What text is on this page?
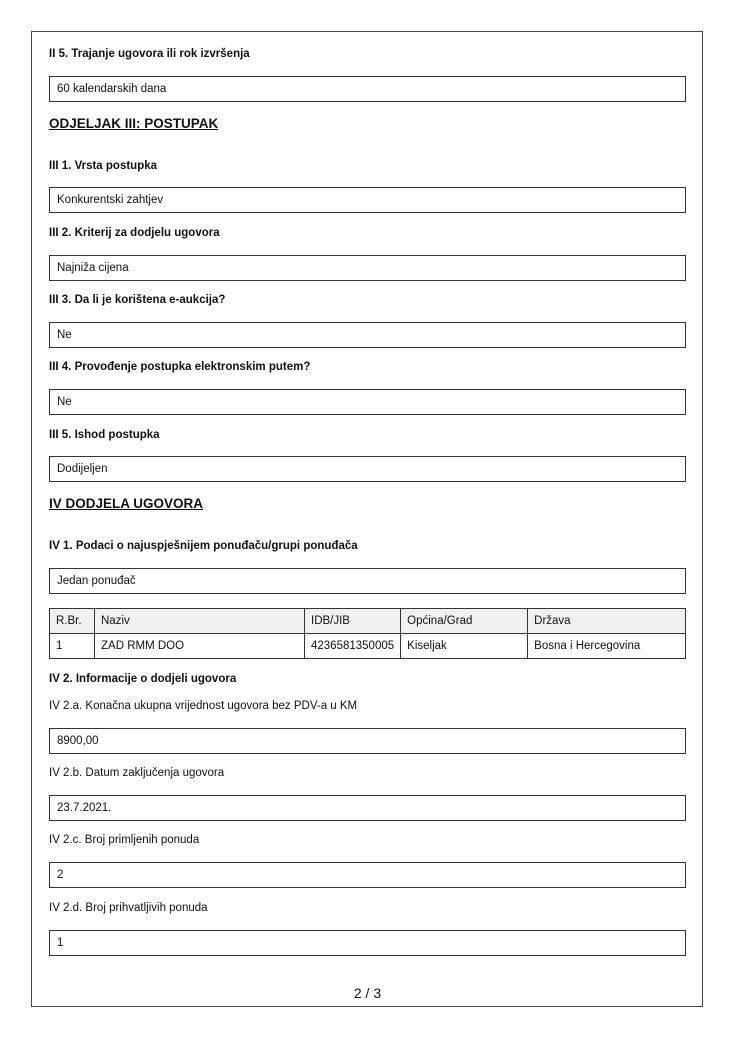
II 5. Trajanje ugovora ili rok izvršenja
60 kalendarskih dana
ODJELJAK III: POSTUPAK
III 1. Vrsta postupka
Konkurentski zahtjev
III 2. Kriterij za dodjelu ugovora
Najniža cijena
III 3. Da li je korištena e-aukcija?
Ne
III 4. Provođenje postupka elektronskim putem?
Ne
III 5. Ishod postupka
Dodijeljen
IV DODJELA UGOVORA
IV 1. Podaci o najuspješnijem ponuđaču/grupi ponuđača
Jedan ponuđač
R.Br.	Naziv	IDB/JIB	Općina/Grad	Država
1	ZAD RMM DOO	4236581350005	Kiseljak	Bosna i Hercegovina
IV 2. Informacije o dodjeli ugovora
IV 2.a. Konačna ukupna vrijednost ugovora bez PDV-a u KM
8900,00
IV 2.b. Datum zaključenja ugovora
23.7.2021.
IV 2.c. Broj primljenih ponuda
2
IV 2.d. Broj prihvatljivih ponuda
1
2 / 3
